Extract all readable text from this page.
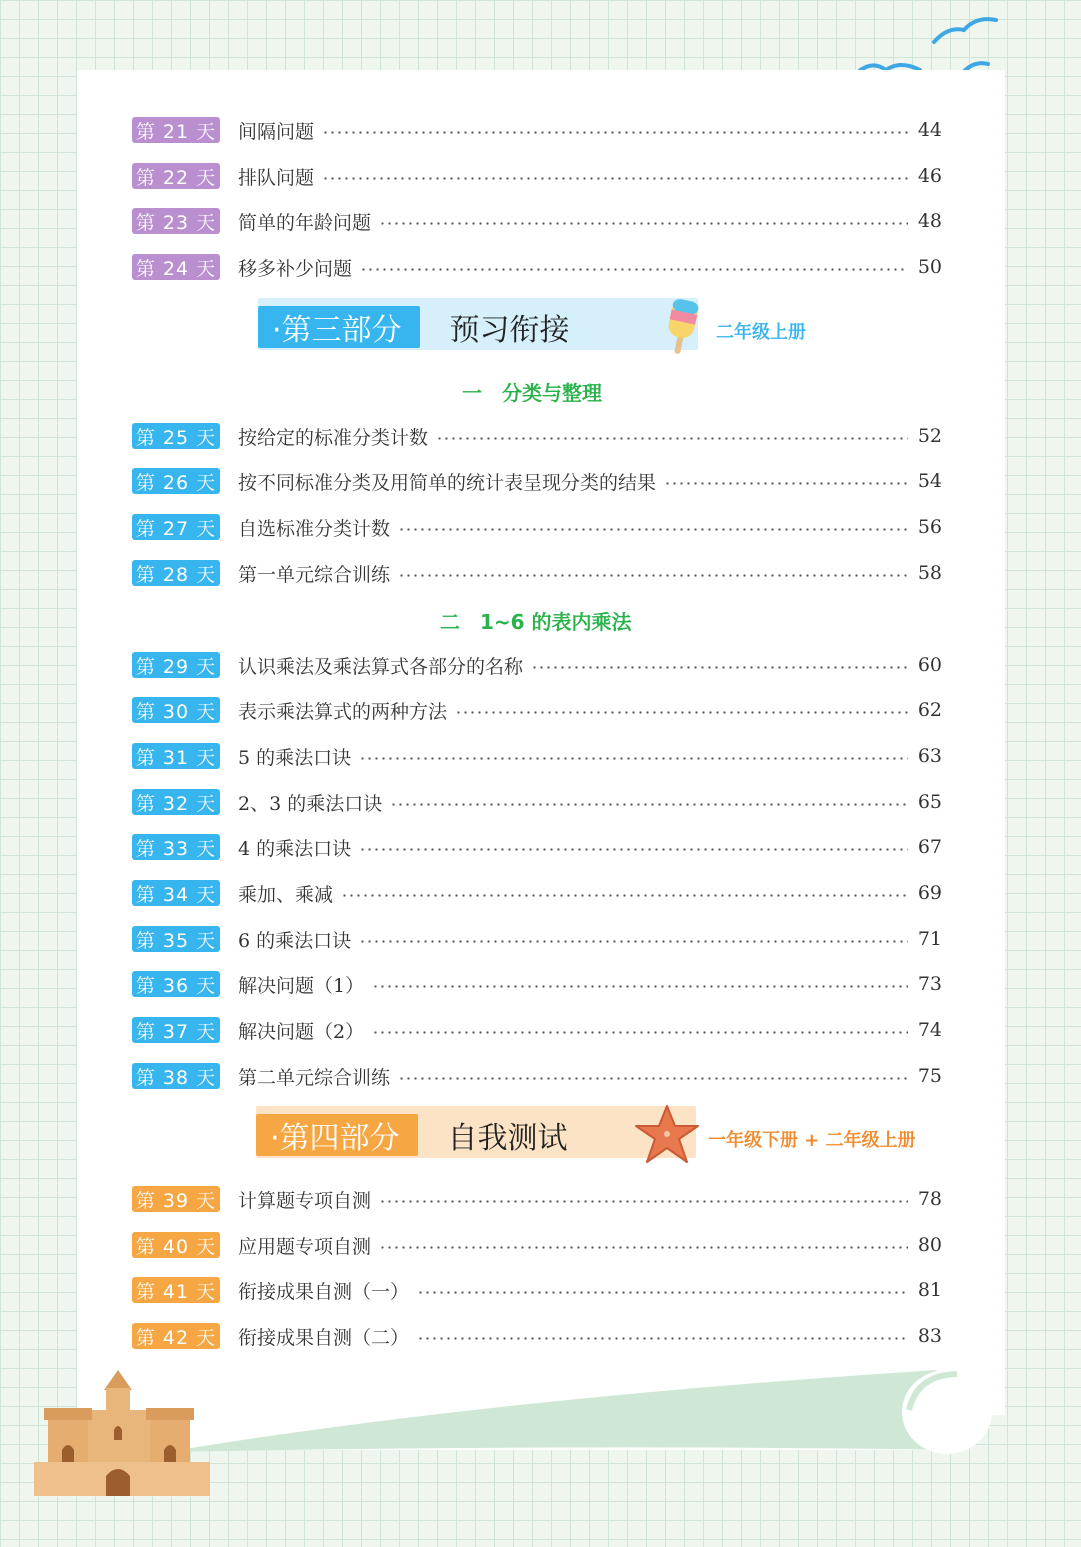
第 21 天 间隔问题	44
第 22 天 排队问题	46
第 23 天 简单的年龄问题	48
第 24 天 移多补少问题	50
·第三部分	预习衔接	二年级上册
一　分类与整理
第 25 天 按给定的标准分类计数	52
第 26 天 按不同标准分类及用简单的统计表呈现分类的结果	54
第 27 天 自选标准分类计数	56
第 28 天 第一单元综合训练	58
二　1~6 的表内乘法
第 29 天 认识乘法及乘法算式各部分的名称	60
第 30 天 表示乘法算式的两种方法	62
第 31 天 5 的乘法口诀	63
第 32 天 2、3 的乘法口诀	65
第 33 天 4 的乘法口诀	67
第 34 天 乘加、乘减	69
第 35 天 6 的乘法口诀	71
第 36 天 解决问题（1）	73
第 37 天 解决问题（2）	74
第 38 天 第二单元综合训练	75
·第四部分	自我测试	一年级下册 + 二年级上册
第 39 天 计算题专项自测	78
第 40 天 应用题专项自测	80
第 41 天 衔接成果自测（一）	81
第 42 天 衔接成果自测（二）	83
